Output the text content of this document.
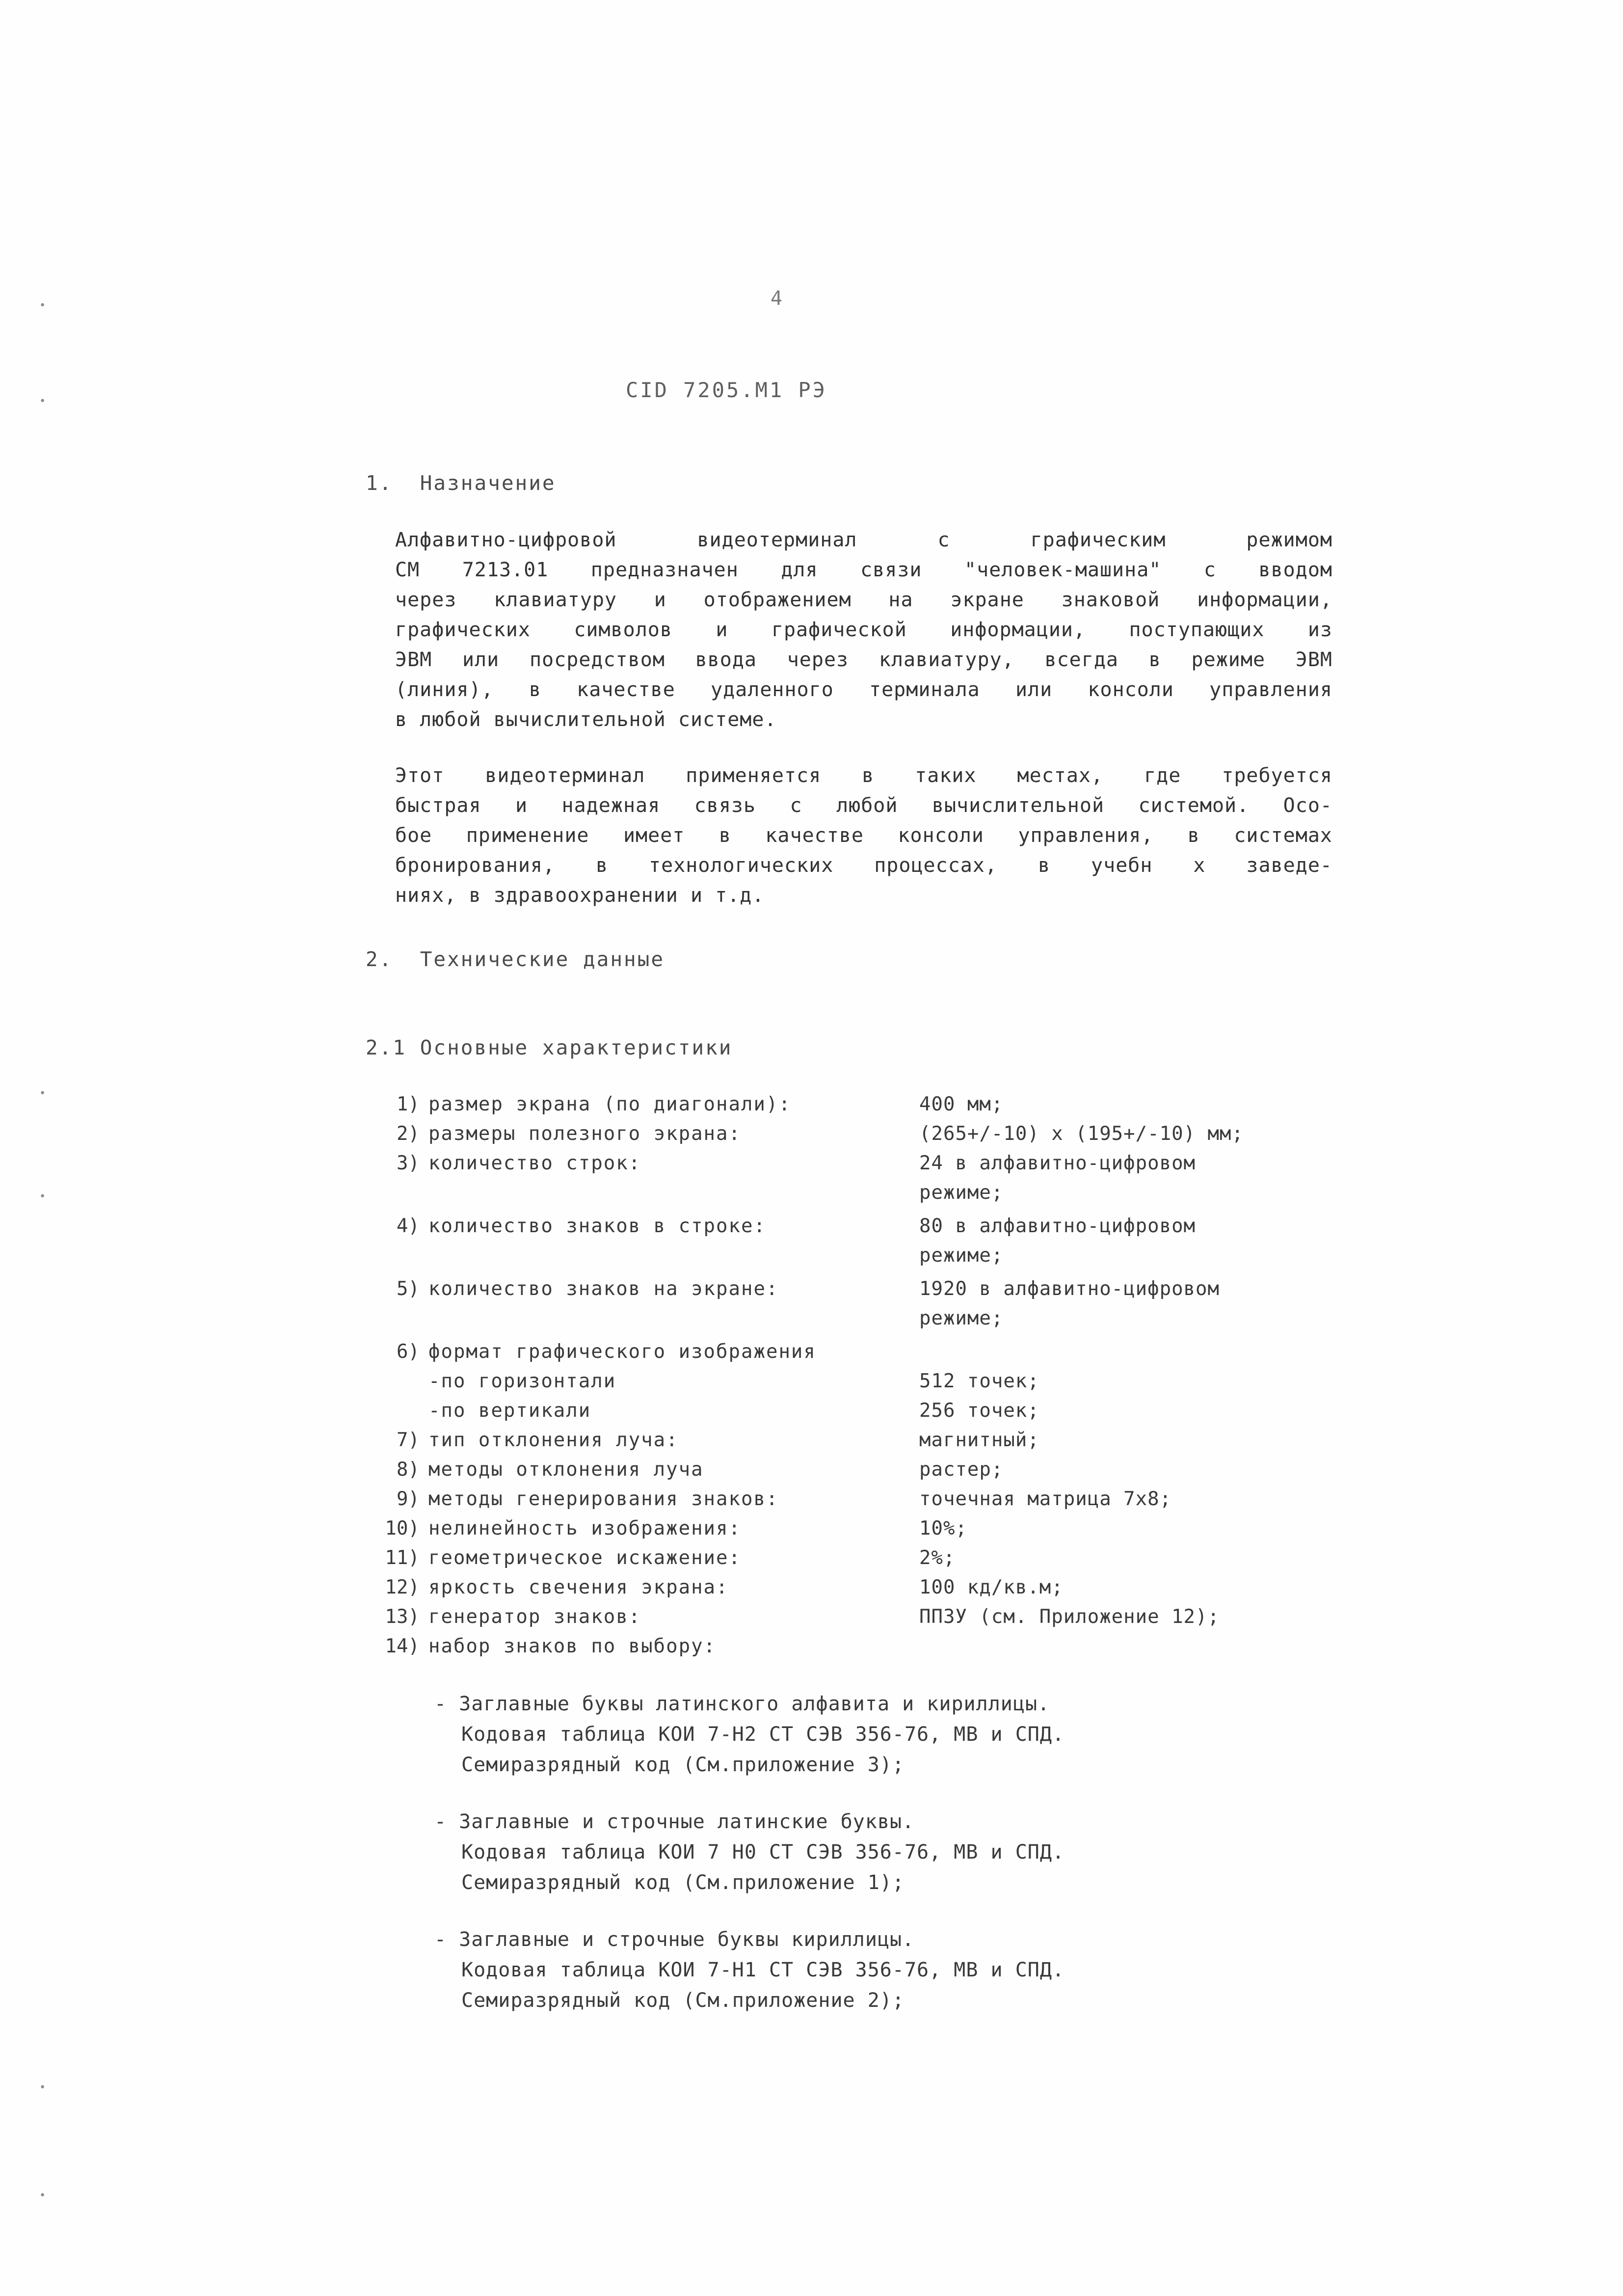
•
•
•
•
•
•
4
CID 7205.M1 РЭ
1.  Назначение
Алфавитно-цифровой видеотерминал с графическим режимом
СМ 7213.01 предназначен для связи "человек-машина" с вводом
через клавиатуру и отображением на экране знаковой информации,
графических символов и графической информации, поступающих из
ЭВМ или посредством ввода через клавиатуру, всегда в режиме ЭВМ
(линия), в качестве удаленного терминала или консоли управления
в любой вычислительной системе.
Этот видеотерминал применяется в таких местах, где требуется
быстрая и надежная связь с любой вычислительной системой. Осо-
бое применение имеет в качестве консоли управления, в системах
бронирования, в технологических процессах, в учебн х заведе-
ниях, в здравоохранении и т.д.
2.  Технические данные
2.1 Основные характеристики
1) размер экрана (по диагонали):	400 мм;
2) размеры полезного экрана:	(265+/-10) х (195+/-10) мм;
3) количество строк:	24 в алфавитно-цифровом
режиме;
4) количество знаков в строке:	80 в алфавитно-цифровом
режиме;
5) количество знаков на экране:	1920 в алфавитно-цифровом
режиме;
6) формат графического изображения
-по горизонтали	512 точек;
-по вертикали	256 точек;
7) тип отклонения луча:	магнитный;
8) методы отклонения луча	растер;
9) методы генерирования знаков:	точечная матрица 7х8;
10) нелинейность изображения:	10%;
11) геометрическое искажение:	2%;
12) яркость свечения экрана:	100 кд/кв.м;
13) генератор знаков:	ППЗУ (см. Приложение 12);
14) набор знаков по выбору:
- Заглавные буквы латинского алфавита и кириллицы.
Кодовая таблица КОИ 7-Н2 СТ СЭВ 356-76, МВ и СПД.
Семиразрядный код (См.приложение 3);
- Заглавные и строчные латинские буквы.
Кодовая таблица КОИ 7 Н0 СТ СЭВ 356-76, МВ и СПД.
Семиразрядный код (См.приложение 1);
- Заглавные и строчные буквы кириллицы.
Кодовая таблица КОИ 7-Н1 СТ СЭВ 356-76, МВ и СПД.
Семиразрядный код (См.приложение 2);
